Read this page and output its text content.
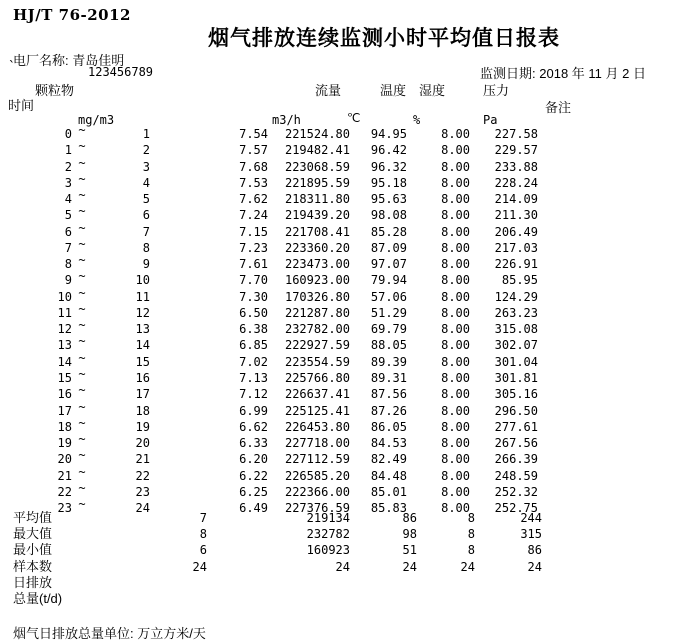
HJ/T 76-2012
烟气排放连续监测小时平均值日报表
电厂名称: 青岛佳明
`	123456789	监测日期: 2018 年 11 月 2 日
时间
颗粒物	流量	温度 湿度	压力
备注
mg/m3	m3/h	℃	%	Pa
0 ~	1	7.54	221524.80	94.95	8.00	227.58
1 ~	2	7.57	219482.41	96.42	8.00	229.57
2 ~	3	7.68	223068.59	96.32	8.00	233.88
3 ~	4	7.53	221895.59	95.18	8.00	228.24
4 ~	5	7.62	218311.80	95.63	8.00	214.09
5 ~	6	7.24	219439.20	98.08	8.00	211.30
6 ~	7	7.15	221708.41	85.28	8.00	206.49
7 ~	8	7.23	223360.20	87.09	8.00	217.03
8 ~	9	7.61	223473.00	97.07	8.00	226.91
9 ~	10	7.70	160923.00	79.94	8.00	85.95
10 ~	11	7.30	170326.80	57.06	8.00	124.29
11 ~	12	6.50	221287.80	51.29	8.00	263.23
12 ~	13	6.38	232782.00	69.79	8.00	315.08
13 ~	14	6.85	222927.59	88.05	8.00	302.07
14 ~	15	7.02	223554.59	89.39	8.00	301.04
15 ~	16	7.13	225766.80	89.31	8.00	301.81
16 ~	17	7.12	226637.41	87.56	8.00	305.16
17 ~	18	6.99	225125.41	87.26	8.00	296.50
18 ~	19	6.62	226453.80	86.05	8.00	277.61
19 ~	20	6.33	227718.00	84.53	8.00	267.56
20 ~	21	6.20	227112.59	82.49	8.00	266.39
21 ~	22	6.22	226585.20	84.48	8.00	248.59
22 ~	23	6.25	222366.00	85.01	8.00	252.32
23 ~	24	6.49	227376.59	85.83	8.00	252.75
平均值	7	219134	86	8	244
最大值	8	232782	98	8	315
最小值	6	160923	51	8	86
样本数	24	24	24	24	24
日排放
总量(t/d)
烟气日排放总量单位: 万立方米/天
